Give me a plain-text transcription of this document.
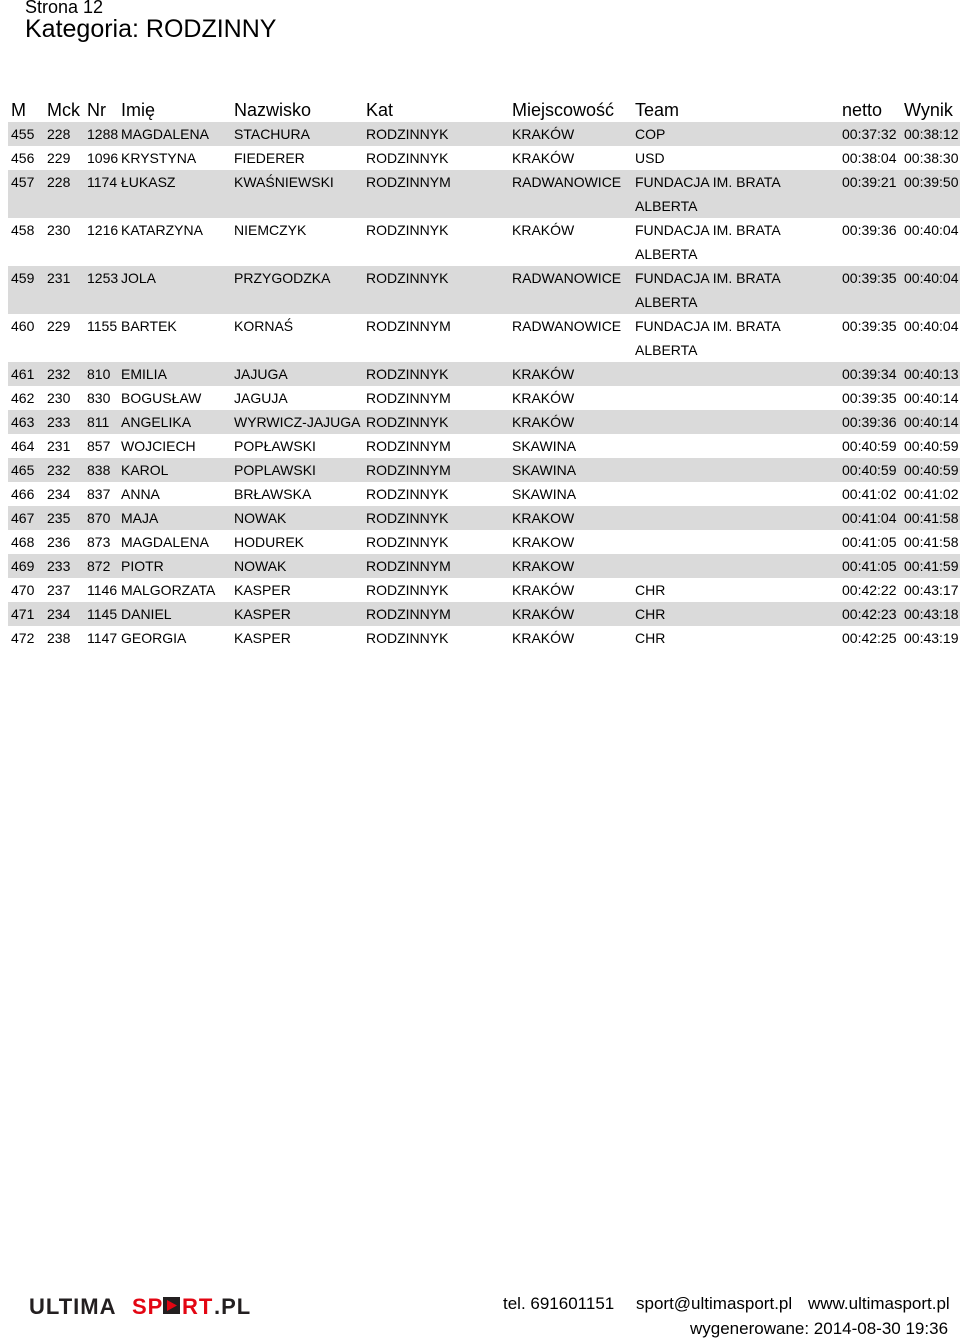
Strona 12
Kategoria: RODZINNY
M	Mck	Nr	Imię	Nazwisko	Kat	Miejscowość	Team	netto	Wynik
455	228	1288	MAGDALENA	STACHURA	RODZINNYK	KRAKÓW	COP	00:37:32	00:38:12
456	229	1096	KRYSTYNA	FIEDERER	RODZINNYK	KRAKÓW	USD	00:38:04	00:38:30
457	228	1174	ŁUKASZ	KWAŚNIEWSKI	RODZINNYM	RADWANOWICE	FUNDACJA IM. BRATA ALBERTA	00:39:21	00:39:50
458	230	1216	KATARZYNA	NIEMCZYK	RODZINNYK	KRAKÓW	FUNDACJA IM. BRATA ALBERTA	00:39:36	00:40:04
459	231	1253	JOLA	PRZYGODZKA	RODZINNYK	RADWANOWICE	FUNDACJA IM. BRATA ALBERTA	00:39:35	00:40:04
460	229	1155	BARTEK	KORNAŚ	RODZINNYM	RADWANOWICE	FUNDACJA IM. BRATA ALBERTA	00:39:35	00:40:04
461	232	810	EMILIA	JAJUGA	RODZINNYK	KRAKÓW		00:39:34	00:40:13
462	230	830	BOGUSŁAW	JAGUJA	RODZINNYM	KRAKÓW		00:39:35	00:40:14
463	233	811	ANGELIKA	WYRWICZ-JAJUGA	RODZINNYK	KRAKÓW		00:39:36	00:40:14
464	231	857	WOJCIECH	POPŁAWSKI	RODZINNYM	SKAWINA		00:40:59	00:40:59
465	232	838	KAROL	POPLAWSKI	RODZINNYM	SKAWINA		00:40:59	00:40:59
466	234	837	ANNA	BRŁAWSKA	RODZINNYK	SKAWINA		00:41:02	00:41:02
467	235	870	MAJA	NOWAK	RODZINNYK	KRAKOW		00:41:04	00:41:58
468	236	873	MAGDALENA	HODUREK	RODZINNYK	KRAKOW		00:41:05	00:41:58
469	233	872	PIOTR	NOWAK	RODZINNYM	KRAKOW		00:41:05	00:41:59
470	237	1146	MALGORZATA	KASPER	RODZINNYK	KRAKÓW	CHR	00:42:22	00:43:17
471	234	1145	DANIEL	KASPER	RODZINNYM	KRAKÓW	CHR	00:42:23	00:43:18
472	238	1147	GEORGIA	KASPER	RODZINNYK	KRAKÓW	CHR	00:42:25	00:43:19
ULTIMA SP RT .PL	tel. 691601151 sport@ultimasport.pl www.ultimasport.pl
wygenerowane: 2014-08-30 19:36
